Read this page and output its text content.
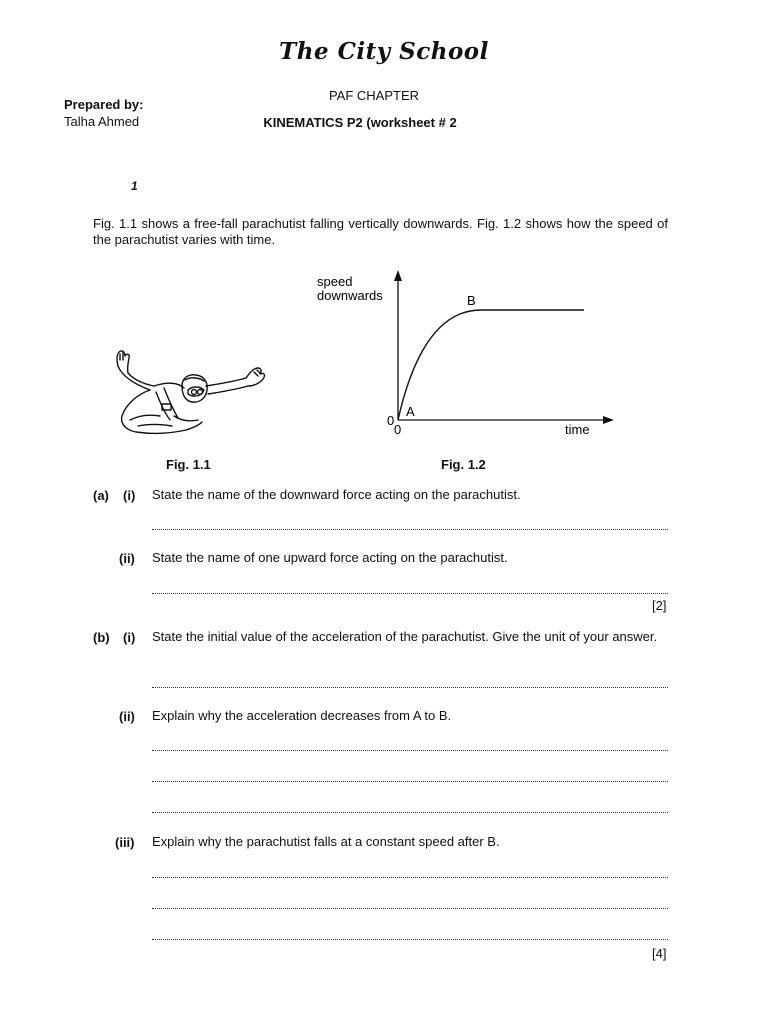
The City School
PAF CHAPTER
Prepared by:
Talha Ahmed	KINEMATICS P2 (worksheet # 2
1
Fig. 1.1 shows a free-fall parachutist falling vertically downwards. Fig. 1.2 shows how the speed of the parachutist varies with time.
speed
downwards	B
A
0
0	time
Fig. 1.1	Fig. 1.2
(a) (i) State the name of the downward force acting on the parachutist.
(ii) State the name of one upward force acting on the parachutist.
[2]
(b) (i) State the initial value of the acceleration of the parachutist. Give the unit of your answer.
(ii) Explain why the acceleration decreases from A to B.
(iii) Explain why the parachutist falls at a constant speed after B.
[4]
